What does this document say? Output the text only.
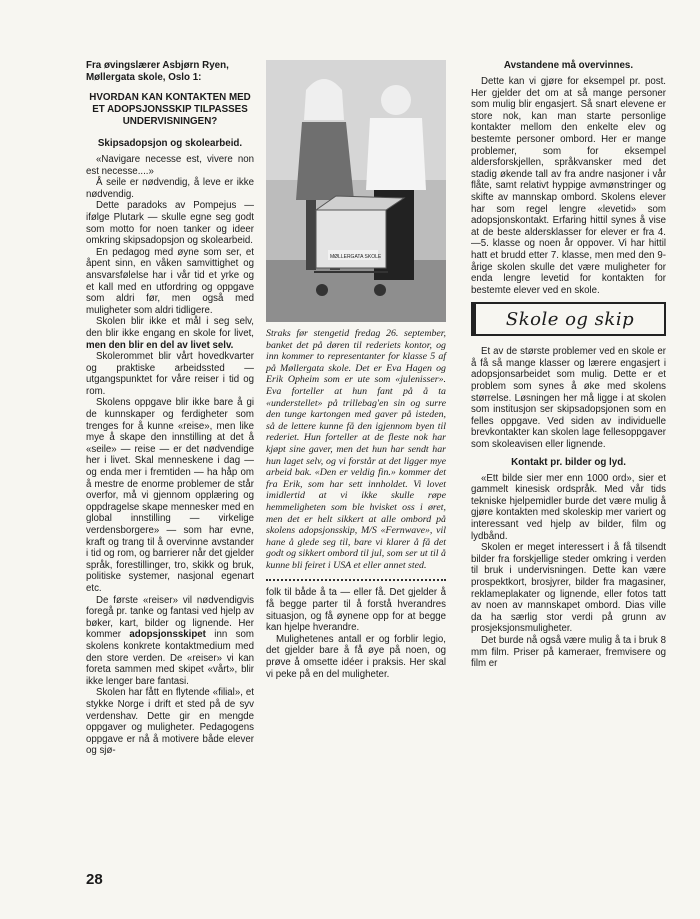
Fra øvingslærer Asbjørn Ryen, Møllergata skole, Oslo 1:

HVORDAN KAN KONTAKTEN MED ET ADOPSJONSSKIP TILPASSES UNDERVISNINGEN?

Skipsadopsjon og skolearbeid.

«Navigare necesse est, vivere non est necesse....»

Å seile er nødvendig, å leve er ikke nødvendig.

Dette paradoks av Pompejus — ifølge Plutark — skulle egne seg godt som motto for noen tanker og ideer omkring skipsadopsjon og skolearbeid.

En pedagog med øyne som ser, et åpent sinn, en våken samvittighet og ansvarsfølelse har i vår tid et yrke og et kall med en utfordring og oppgave som aldri før, men også med muligheter som aldri tidligere.

Skolen blir ikke et mål i seg selv, den blir ikke engang en skole for livet, men den blir en del av livet selv.

Skolerommet blir vårt hovedkvarter og praktiske arbeidssted — utgangspunktet for våre reiser i tid og rom.

Skolens oppgave blir ikke bare å gi de kunnskaper og ferdigheter som trenges for å kunne «reise», men like mye å skape den innstilling at det å «seile» — reise — er det nødvendige her i livet. Skal menneskene i dag — og enda mer i fremtiden — ha håp om å mestre de enorme problemer de står overfor, må vi gjennom opplæring og oppdragelse skape mennesker med en global innstilling — virkelige verdensborgere» — som har evne, kraft og trang til å overvinne avstander i tid og rom, og barrierer når det gjelder språk, forestillinger, tro, skikk og bruk, politiske systemer, nasjonal egenart etc.

De første «reiser» vil nødvendigvis foregå pr. tanke og fantasi ved hjelp av bøker, kart, bilder og lignende. Her kommer adopsjonsskipet inn som skolens konkrete kontaktmedium med den store verden. De «reiser» vi kan foreta sammen med skipet «vårt», blir ikke lenger bare fantasi.

Skolen har fått en flytende «filial», et stykke Norge i drift et sted på de syv verdenshav. Dette gir en mengde oppgaver og muligheter. Pedagogens oppgave er nå å motivere både elever og sjø-

MØLLERGATA SKOLE

Straks før stengetid fredag 26. september, banket det på døren til rederiets kontor, og inn kommer to representanter for klasse 5 af på Møllergata skole. Det er Eva Hagen og Erik Opheim som er ute som «julenisser». Eva forteller at hun fant på å ta «understellet» på trillebag'en sin og surre den tunge kartongen med gaver på isteden, så de lettere kunne få den igjennom byen til rederiet. Hun forteller at de fleste nok har kjøpt sine gaver, men det hun har sendt har hun laget selv, og vi forstår at det ligger mye arbeid bak. «Den er veldig fin.» kommer det fra Erik, som har sett innholdet. Vi lovet imidlertid at vi ikke skulle røpe hemmeligheten som ble hvisket oss i øret, men det er helt sikkert at alle ombord på skolens adopsjonsskip, M/S «Fernwave», vil hane å glede seg til, bare vi klarer å få det godt og sikkert ombord til jul, som ser ut til å kunne bli feiret i USA et eller annet sted.

folk til både å ta — eller få. Det gjelder å få begge parter til å forstå hverandres situasjon, og få øynene opp for at begge kan hjelpe hverandre.

Mulighetenes antall er og forblir legio, det gjelder bare å få øye på noen, og prøve å omsette idéer i praksis. Her skal vi peke på en del muligheter.

Avstandene må overvinnes.

Dette kan vi gjøre for eksempel pr. post. Her gjelder det om at så mange personer som mulig blir engasjert. Så snart elevene er store nok, kan man starte personlige kontakter mellom den enkelte elev og bestemte personer ombord. Her er mange problemer, som for eksempel aldersforskjellen, språkvansker med det stadig økende tall av fra andre nasjoner i vår flåte, samt relativt hyppige avmønstringer og skifte av mannskap ombord. Skolens elever har som regel lengre «levetid» som adopsjonskontakt. Erfaring hittil synes å vise at de beste aldersklasser for elever er fra 4.—5. klasse og noen år oppover. Vi har hittil hatt et brudd etter 7. klasse, men med den 9-årige skolen skulle det være muligheter for enda lengre levetid for kontakten for bestemte elever ved en skole.

Skole og skip

Et av de største problemer ved en skole er å få så mange klasser og lærere engasjert i adopsjonsarbeidet som mulig. Dette er et problem som synes å øke med skolens størrelse. Løsningen her må ligge i at skolen som institusjon ser skipsadopsjonen som en felles oppgave. Ved siden av individuelle brevkontakter kan skolen lage fellesoppgaver som skoleavisen eller lignende.

Kontakt pr. bilder og lyd.

«Ett bilde sier mer enn 1000 ord», sier et gammelt kinesisk ordspråk. Med vår tids tekniske hjelpemidler burde det være mulig å gjøre kontakten med skoleskip mer variert og interessant ved hjelp av bilder, film og lydbånd.

Skolen er meget interessert i å få tilsendt bilder fra forskjellige steder omkring i verden til bruk i undervisningen. Dette kan være prospektkort, brosjyrer, bilder fra magasiner, reklameplakater og lignende, eller fotos tatt av noen av mannskapet ombord. Dias ville da ha særlig stor verdi på grunn av prosjeksjonsmuligheter.

Det burde nå også være mulig å ta i bruk 8 mm film. Priser på kameraer, fremvisere og film er

28
